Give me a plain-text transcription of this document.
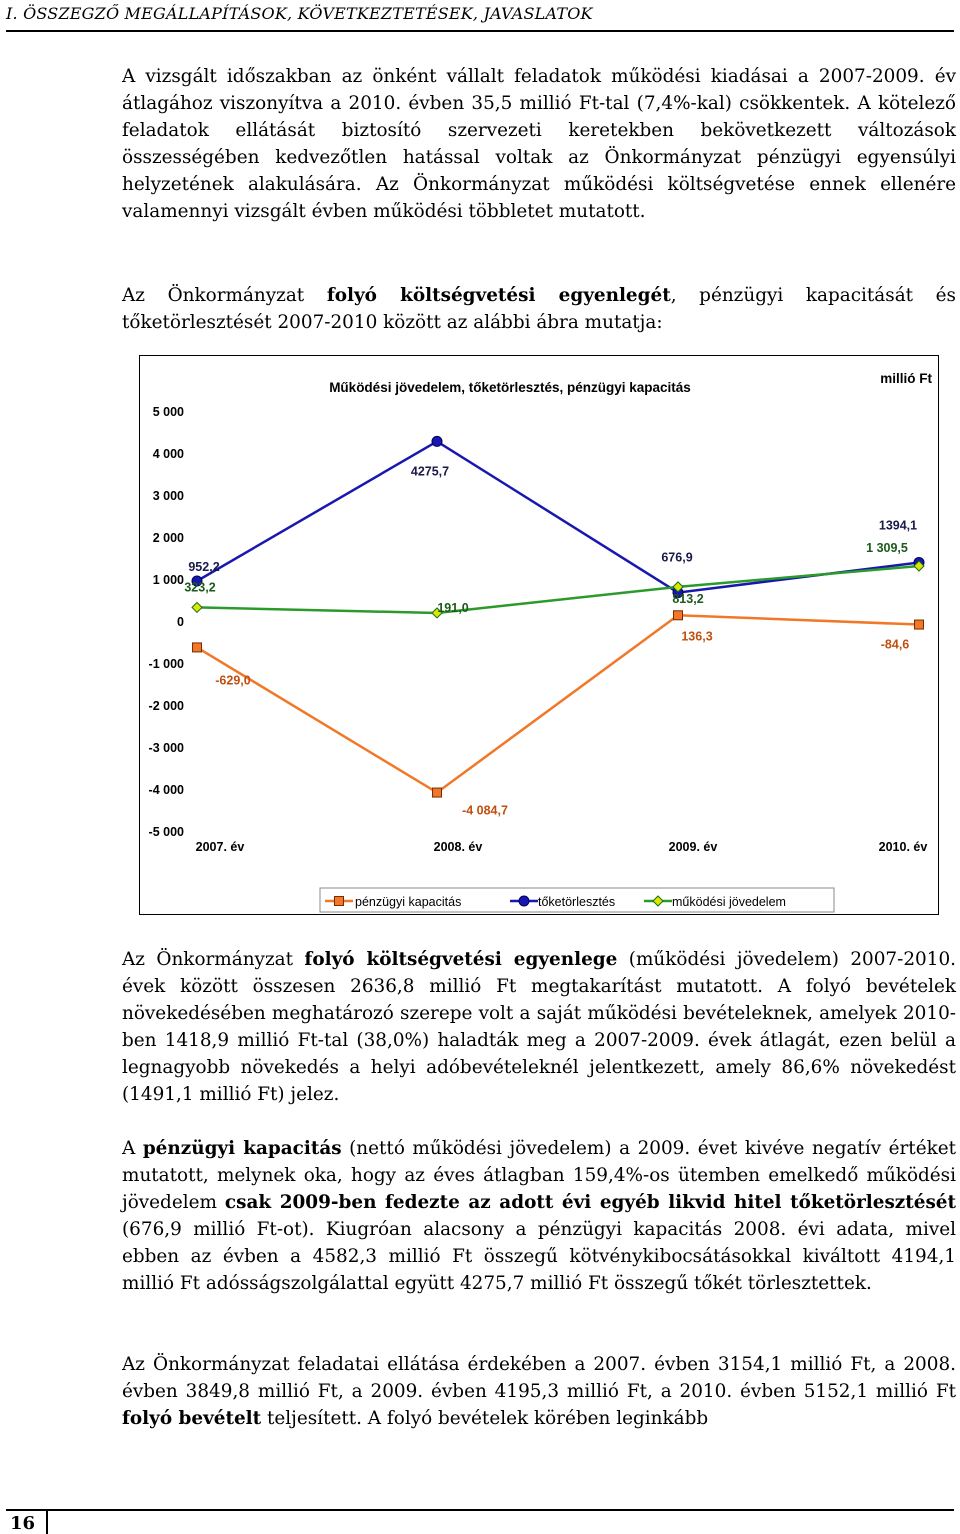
I. ÖSSZEGZŐ MEGÁLLAPÍTÁSOK, KÖVETKEZTETÉSEK, JAVASLATOK
A vizsgált időszakban az önként vállalt feladatok működési kiadásai a 2007-2009. év átlagához viszonyítva a 2010. évben 35,5 millió Ft-tal (7,4%-kal) csökkentek. A kötelező feladatok ellátását biztosító szervezeti keretekben bekövetkezett változások összességében kedvezőtlen hatással voltak az Önkormányzat pénzügyi egyensúlyi helyzetének alakulására. Az Önkormányzat működési költségvetése ennek ellenére valamennyi vizsgált évben működési többletet mutatott.
Az Önkormányzat folyó költségvetési egyenlegét, pénzügyi kapacitását és tőketörlesztését 2007-2010 között az alábbi ábra mutatja:
Működési jövedelem, tőketörlesztés, pénzügyi kapacitás
millió Ft
5 000
4 000
3 000
2 000
1 000
0
-1 000
-2 000
-3 000
-4 000
-5 000
2007. év	2008. év	2009. év	2010. év
-629,0
-4 084,7
136,3
-84,6
952,2
4275,7
676,9
1394,1
323,2
191,0
813,2
1 309,5
pénzügyi kapacitás	tőketörlesztés	működési jövedelem
Az Önkormányzat folyó költségvetési egyenlege (működési jövedelem) 2007-2010. évek között összesen 2636,8 millió Ft megtakarítást mutatott. A folyó bevételek növekedésében meghatározó szerepe volt a saját működési bevételeknek, amelyek 2010-ben 1418,9 millió Ft-tal (38,0%) haladták meg a 2007-2009. évek átlagát, ezen belül a legnagyobb növekedés a helyi adóbevételeknél jelentkezett, amely 86,6% növekedést (1491,1 millió Ft) jelez.
A pénzügyi kapacitás (nettó működési jövedelem) a 2009. évet kivéve negatív értéket mutatott, melynek oka, hogy az éves átlagban 159,4%-os ütemben emelkedő működési jövedelem csak 2009-ben fedezte az adott évi egyéb likvid hitel tőketörlesztését (676,9 millió Ft-ot). Kiugróan alacsony a pénzügyi kapacitás 2008. évi adata, mivel ebben az évben a 4582,3 millió Ft összegű kötvénykibocsátásokkal kiváltott 4194,1 millió Ft adósságszolgálattal együtt 4275,7 millió Ft összegű tőkét törlesztettek.
Az Önkormányzat feladatai ellátása érdekében a 2007. évben 3154,1 millió Ft, a 2008. évben 3849,8 millió Ft, a 2009. évben 4195,3 millió Ft, a 2010. évben 5152,1 millió Ft folyó bevételt teljesített. A folyó bevételek körében leginkább
16
